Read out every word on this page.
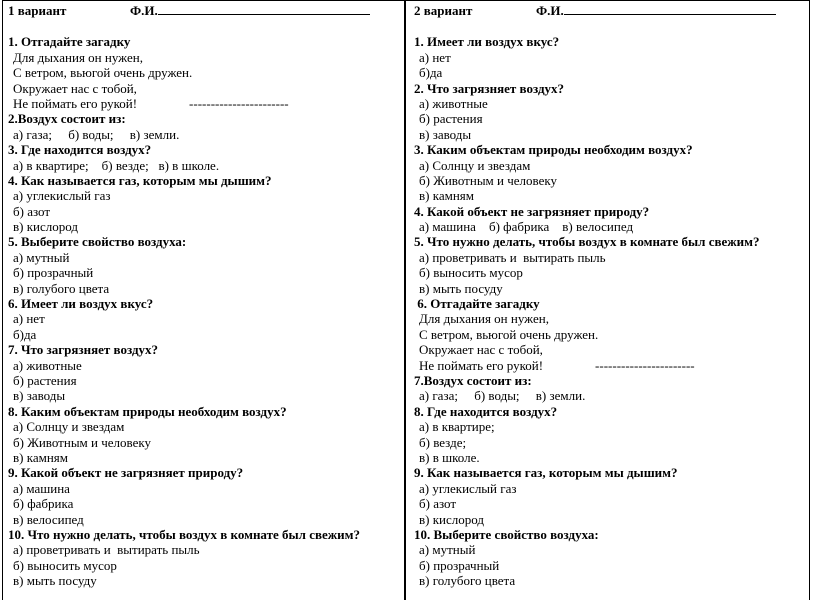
1 вариант	Ф.И.
1. Отгадайте загадку
Для дыхания он нужен,
С ветром, вьюгой очень дружен.
Окружает нас с тобой,
Не поймать его рукой!                -----------------------
2.Воздух состоит из:
а) газа;     б) воды;     в) земли.
3. Где находится воздух?
а) в квартире;    б) везде;   в) в школе.
4. Как называется газ, которым мы дышим?
а) углекислый газ
б) азот
в) кислород
5. Выберите свойство воздуха:
а) мутный
б) прозрачный
в) голубого цвета
6. Имеет ли воздух вкус?
а) нет
б)да
7. Что загрязняет воздух?
а) животные
б) растения
в) заводы
8. Каким объектам природы необходим воздух?
а) Солнцу и звездам
б) Животным и человеку
в) камням
9. Какой объект не загрязняет природу?
а) машина
б) фабрика
в) велосипед
10. Что нужно делать, чтобы воздух в комнате был свежим?
а) проветривать и  вытирать пыль
б) выносить мусор
в) мыть посуду
2 вариант	Ф.И.
1. Имеет ли воздух вкус?
а) нет
б)да
2. Что загрязняет воздух?
а) животные
б) растения
в) заводы
3. Каким объектам природы необходим воздух?
а) Солнцу и звездам
б) Животным и человеку
в) камням
4. Какой объект не загрязняет природу?
а) машина    б) фабрика    в) велосипед
5. Что нужно делать, чтобы воздух в комнате был свежим?
а) проветривать и  вытирать пыль
б) выносить мусор
в) мыть посуду
6. Отгадайте загадку
Для дыхания он нужен,
С ветром, вьюгой очень дружен.
Окружает нас с тобой,
Не поймать его рукой!                -----------------------
7.Воздух состоит из:
а) газа;     б) воды;     в) земли.
8. Где находится воздух?
а) в квартире;
б) везде;
в) в школе.
9. Как называется газ, которым мы дышим?
а) углекислый газ
б) азот
в) кислород
10. Выберите свойство воздуха:
а) мутный
б) прозрачный
в) голубого цвета
